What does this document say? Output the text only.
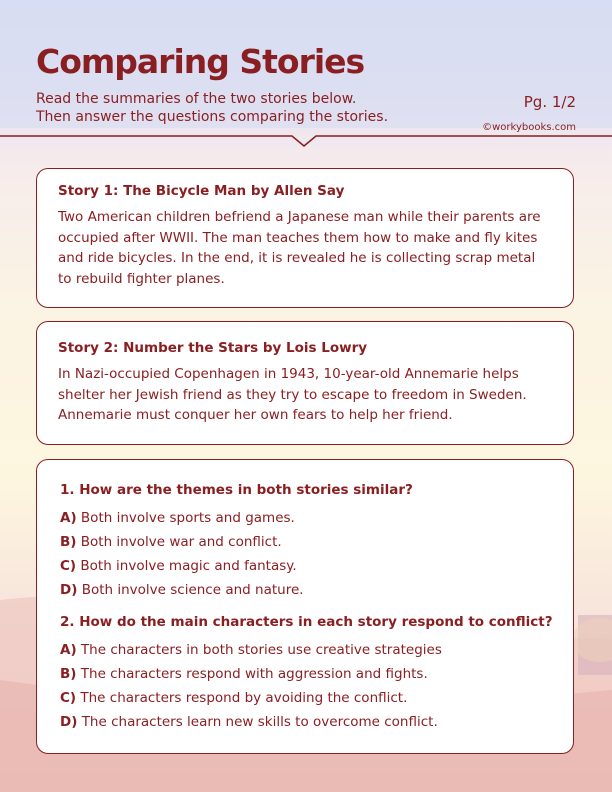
Comparing Stories

Read the summaries of the two stories below.
Then answer the questions comparing the stories.

Pg. 1/2
©workybooks.com

Story 1: The Bicycle Man by Allen Say

Two American children befriend a Japanese man while their parents are occupied after WWII. The man teaches them how to make and fly kites and ride bicycles. In the end, it is revealed he is collecting scrap metal to rebuild fighter planes.

Story 2: Number the Stars by Lois Lowry

In Nazi-occupied Copenhagen in 1943, 10-year-old Annemarie helps shelter her Jewish friend as they try to escape to freedom in Sweden. Annemarie must conquer her own fears to help her friend.

1. How are the themes in both stories similar?

A) Both involve sports and games.

B) Both involve war and conflict.

C) Both involve magic and fantasy.

D) Both involve science and nature.

2. How do the main characters in each story respond to conflict?

A) The characters in both stories use creative strategies

B) The characters respond with aggression and fights.

C) The characters respond by avoiding the conflict.

D) The characters learn new skills to overcome conflict.
